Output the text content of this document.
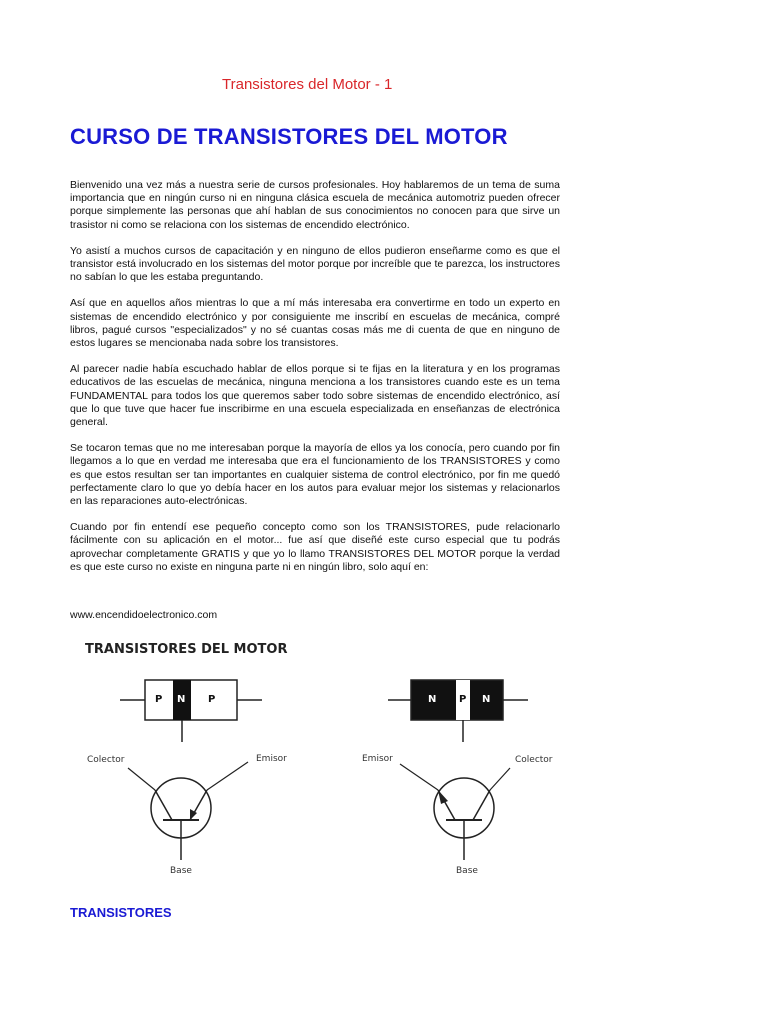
Transistores del Motor - 1
CURSO DE TRANSISTORES DEL MOTOR

Bienvenido una vez más a nuestra serie de cursos profesionales. Hoy hablaremos de un tema de suma importancia que en ningún curso ni en ninguna clásica escuela de mecánica automotriz pueden ofrecer porque simplemente las personas que ahí hablan de sus conocimientos no conocen para que sirve un trasistor ni como se relaciona con los sistemas de encendido electrónico.

Yo asistí a muchos cursos de capacitación y en ninguno de ellos pudieron enseñarme como es que el transistor está involucrado en los sistemas del motor porque por increíble que te parezca, los instructores no sabían lo que les estaba preguntando.

Así que en aquellos años mientras lo que a mí más interesaba era convertirme en todo un experto en sistemas de encendido electrónico y por consiguiente me inscribí en escuelas de mecánica, compré libros, pagué cursos "especializados" y no sé cuantas cosas más me di cuenta de que en ninguno de estos lugares se mencionaba nada sobre los transistores.

Al parecer nadie había escuchado hablar de ellos porque si te fijas en la literatura y en los programas educativos de las escuelas de mecánica, ninguna menciona a los transistores cuando este es un tema FUNDAMENTAL para todos los que queremos saber todo sobre sistemas de encendido electrónico, así que lo que tuve que hacer fue inscribirme en una escuela especializada en enseñanzas de electrónica general.

Se tocaron temas que no me interesaban porque la mayoría de ellos ya los conocía, pero cuando por fin llegamos a lo que en verdad me interesaba que era el funcionamiento de los TRANSISTORES y como es que estos resultan ser tan importantes en cualquier sistema de control electrónico, por fin me quedó perfectamente claro lo que yo debía hacer en los autos para evaluar mejor los sistemas y relacionarlos en las reparaciones auto-electrónicas.

Cuando por fin entendí ese pequeño concepto como son los TRANSISTORES, pude relacionarlo fácilmente con su aplicación en el motor... fue así que diseñé este curso especial que tu podrás aprovechar completamente GRATIS y que yo lo llamo TRANSISTORES DEL MOTOR porque la verdad es que este curso no existe en ninguna parte ni en ningún libro, solo aquí en:

www.encendidoelectronico.com
TRANSISTORES DEL MOTOR
P N P	N P N
Colector	Emisor
Base
Emisor	Colector
Base
TRANSISTORES
